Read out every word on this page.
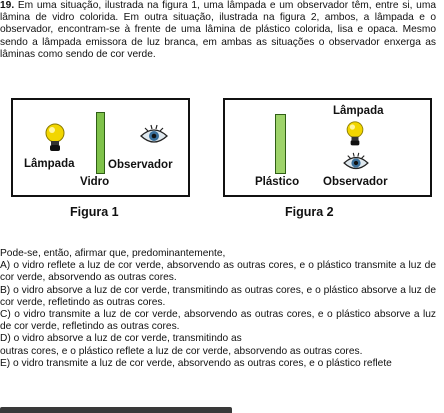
19. Em uma situação, ilustrada na figura 1, uma lâmpada e um observador têm, entre si, uma lâmina de vidro colorida. Em outra situação, ilustrada na figura 2, ambos, a lâmpada e o observador, encontram-se à frente de uma lâmina de plástico colorida, lisa e opaca. Mesmo sendo a lâmpada emissora de luz branca, em ambas as situações o observador enxerga as lâminas como sendo de cor verde.
Lâmpada	Observador
Vidro
Figura 1
Lâmpada
Plástico Observador
Figura 2

Pode-se, então, afirmar que, predominantemente,

A) o vidro reflete a luz de cor verde, absorvendo as outras cores, e o plástico transmite a luz de cor verde, absorvendo as outras cores.

B) o vidro absorve a luz de cor verde, transmitindo as outras cores, e o plástico absorve a luz de cor verde, refletindo as outras cores.

C) o vidro transmite a luz de cor verde, absorvendo as outras cores, e o plástico absorve a luz de cor verde, refletindo as outras cores.

D) o vidro absorve a luz de cor verde, transmitindo as

outras cores, e o plástico reflete a luz de cor verde, absorvendo as outras cores.

E) o vidro transmite a luz de cor verde, absorvendo as outras cores, e o plástico reflete
